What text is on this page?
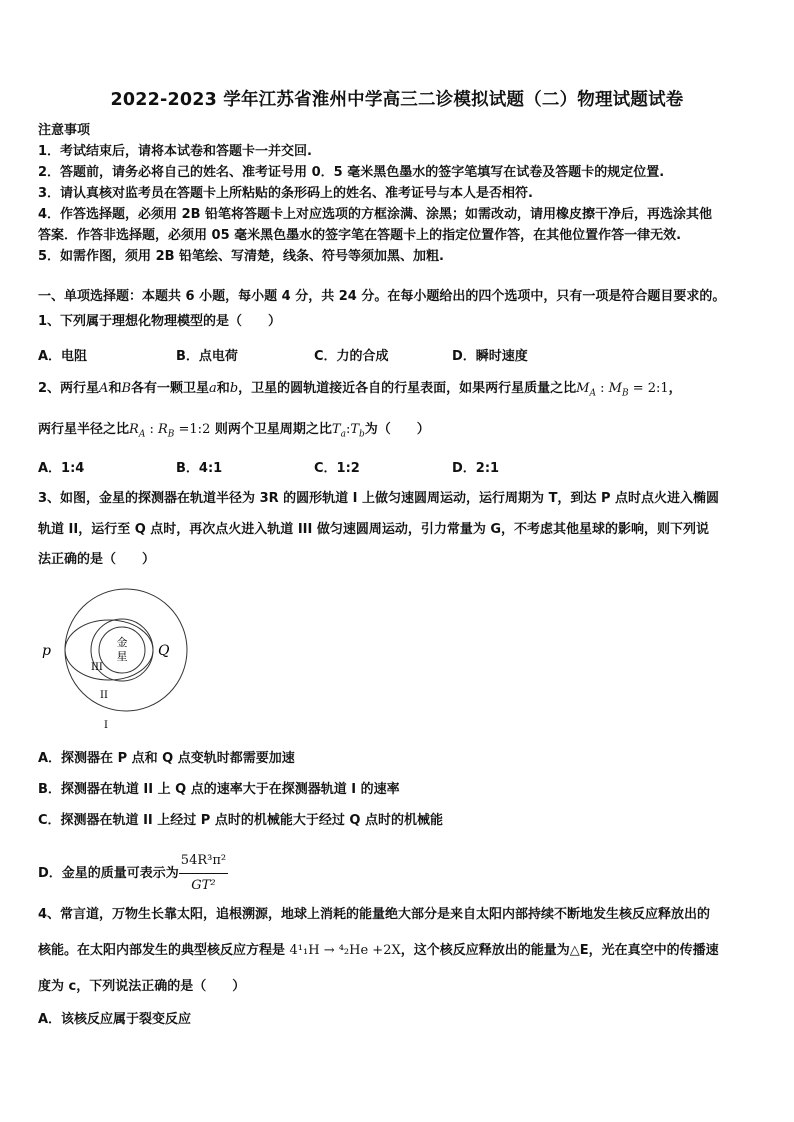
2022-2023 学年江苏省淮州中学高三二诊模拟试题（二）物理试题试卷
注意事项
1．考试结束后，请将本试卷和答题卡一并交回.
2．答题前，请务必将自己的姓名、准考证号用 0．5 毫米黑色墨水的签字笔填写在试卷及答题卡的规定位置.
3．请认真核对监考员在答题卡上所粘贴的条形码上的姓名、准考证号与本人是否相符.
4．作答选择题，必须用 2B 铅笔将答题卡上对应选项的方框涂满、涂黑；如需改动，请用橡皮擦干净后，再选涂其他
答案．作答非选择题，必须用 05 毫米黑色墨水的签字笔在答题卡上的指定位置作答，在其他位置作答一律无效.
5．如需作图，须用 2B 铅笔绘、写清楚，线条、符号等须加黑、加粗.
一、单项选择题：本题共 6 小题，每小题 4 分，共 24 分。在每小题给出的四个选项中，只有一项是符合题目要求的。
1、下列属于理想化物理模型的是（　　）
A．电阻	B．点电荷	C．力的合成	D．瞬时速度
2、两行星A和B各有一颗卫星a和b，卫星的圆轨道接近各自的行星表面，如果两行星质量之比$M_A$ : $M_B$ = 2:1，
两行星半径之比$R_A$ : $R_B$ =1:2 则两个卫星周期之比$T_a:T_b$为（　　）
A．1:4	B．4:1	C．1:2	D．2:1
3、如图，金星的探测器在轨道半径为 3R 的圆形轨道 I 上做匀速圆周运动，运行周期为 T，到达 P 点时点火进入椭圆
轨道 II，运行至 Q 点时，再次点火进入轨道 III 做匀速圆周运动，引力常量为 G，不考虑其他星球的影响，则下列说
法正确的是（　　）
金
星
p	Q
III
II
I
A．探测器在 P 点和 Q 点变轨时都需要加速
B．探测器在轨道 II 上 Q 点的速率大于在探测器轨道 I 的速率
C．探测器在轨道 II 上经过 P 点时的机械能大于经过 Q 点时的机械能
D．金星的质量可表示为 $\frac{\text{54R³π²}}{\text{GT²}}$
4、常言道，万物生长靠太阳，追根溯源，地球上消耗的能量绝大部分是来自太阳内部持续不断地发生核反应释放出的
核能。在太阳内部发生的典型核反应方程是 4¹₁H → ⁴₂He +2X，这个核反应释放出的能量为△E，光在真空中的传播速
度为 c，下列说法正确的是（　　）
A．该核反应属于裂变反应
